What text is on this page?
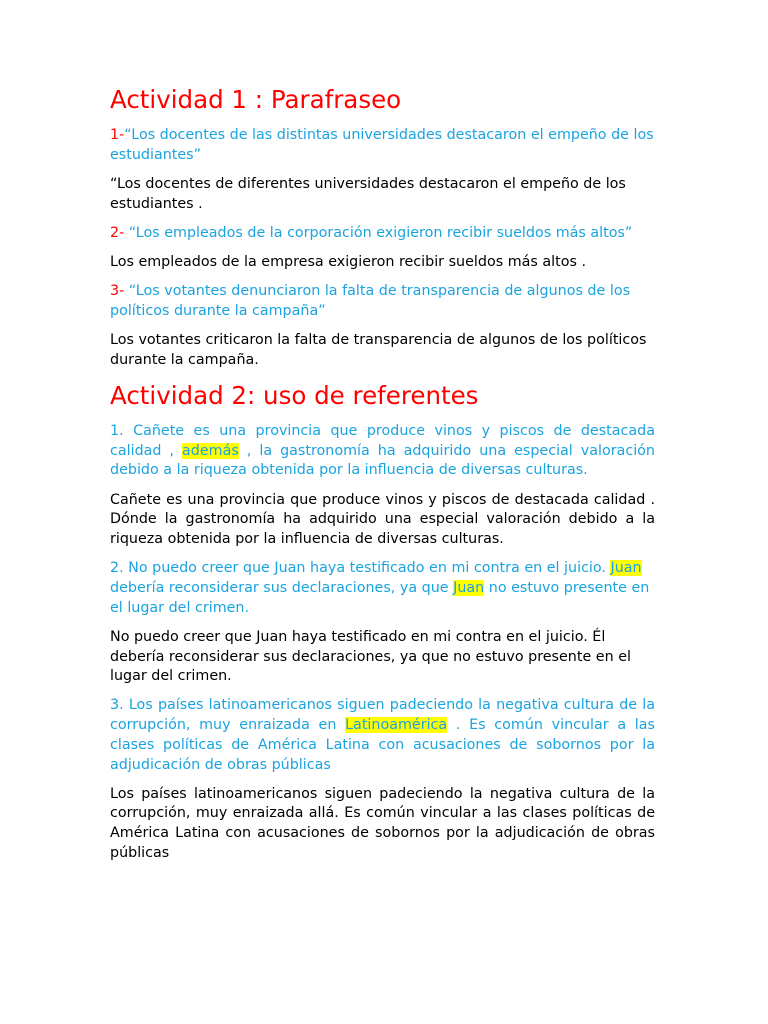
Actividad 1 : Parafraseo

1-“Los docentes de las distintas universidades destacaron el empeño de los estudiantes”

“Los docentes de diferentes universidades destacaron el empeño de los estudiantes .

2- “Los empleados de la corporación exigieron recibir sueldos más altos”

Los empleados de la empresa exigieron recibir sueldos más altos .

3- “Los votantes denunciaron la falta de transparencia de algunos de los políticos durante la campaña”

Los votantes criticaron la falta de transparencia de algunos de los políticos durante la campaña.

Actividad 2: uso de referentes

1. Cañete es una provincia que produce vinos y piscos de destacada calidad , además , la gastronomía ha adquirido una especial valoración debido a la riqueza obtenida por la influencia de diversas culturas.

Cañete es una provincia que produce vinos y piscos de destacada calidad . Dónde la gastronomía ha adquirido una especial valoración debido a la riqueza obtenida por la influencia de diversas culturas.

2. No puedo creer que Juan haya testificado en mi contra en el juicio. Juan debería reconsiderar sus declaraciones, ya que Juan no estuvo presente en el lugar del crimen.

No puedo creer que Juan haya testificado en mi contra en el juicio. Él debería reconsiderar sus declaraciones, ya que no estuvo presente en el lugar del crimen.

3. Los países latinoamericanos siguen padeciendo la negativa cultura de la corrupción, muy enraizada en Latinoamérica . Es común vincular a las clases políticas de América Latina con acusaciones de sobornos por la adjudicación de obras públicas

Los países latinoamericanos siguen padeciendo la negativa cultura de la corrupción, muy enraizada allá. Es común vincular a las clases políticas de América Latina con acusaciones de sobornos por la adjudicación de obras públicas
